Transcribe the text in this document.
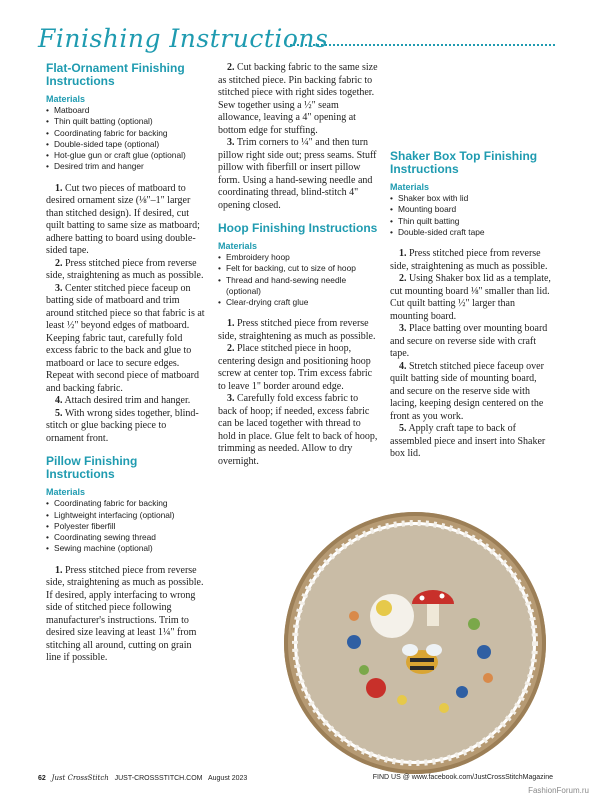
Finishing Instructions
Flat-Ornament Finishing Instructions
Materials
• Matboard
• Thin quilt batting (optional)
• Coordinating fabric for backing
• Double-sided tape (optional)
• Hot-glue gun or craft glue (optional)
• Desired trim and hanger

1. Cut two pieces of matboard to desired ornament size (⅛"–1" larger than stitched design). If desired, cut quilt batting to same size as matboard; adhere batting to board using double-sided tape.

2. Press stitched piece from reverse side, straightening as much as possible.

3. Center stitched piece faceup on batting side of matboard and trim around stitched piece so that fabric is at least ½" beyond edges of matboard. Keeping fabric taut, carefully fold excess fabric to the back and glue to matboard or lace to secure edges. Repeat with second piece of matboard and backing fabric.

4. Attach desired trim and hanger.

5. With wrong sides together, blind-stitch or glue backing piece to ornament front.

Pillow Finishing Instructions
Materials
• Coordinating fabric for backing
• Lightweight interfacing (optional)
• Polyester fiberfill
• Coordinating sewing thread
• Sewing machine (optional)

1. Press stitched piece from reverse side, straightening as much as possible. If desired, apply interfacing to wrong side of stitched piece following manufacturer's instructions. Trim to desired size leaving at least 1¼" from stitching all around, cutting on grain line if possible.

2. Cut backing fabric to the same size as stitched piece. Pin backing fabric to stitched piece with right sides together. Sew together using a ½" seam allowance, leaving a 4" opening at bottom edge for stuffing.

3. Trim corners to ¼" and then turn pillow right side out; press seams. Stuff pillow with fiberfill or insert pillow form. Using a hand-sewing needle and coordinating thread, blind-stitch 4" opening closed.

Hoop Finishing Instructions
Materials
• Embroidery hoop
• Felt for backing, cut to size of hoop
• Thread and hand-sewing needle (optional)
• Clear-drying craft glue

1. Press stitched piece from reverse side, straightening as much as possible.

2. Place stitched piece in hoop, centering design and positioning hoop screw at center top. Trim excess fabric to leave 1" border around edge.

3. Carefully fold excess fabric to back of hoop; if needed, excess fabric can be laced together with thread to hold in place. Glue felt to back of hoop, trimming as needed. Allow to dry overnight.

Shaker Box Top Finishing Instructions
Materials
• Shaker box with lid
• Mounting board
• Thin quilt batting
• Double-sided craft tape

1. Press stitched piece from reverse side, straightening as much as possible.

2. Using Shaker box lid as a template, cut mounting board ⅛" smaller than lid. Cut quilt batting ½" larger than mounting board.

3. Place batting over mounting board and secure on reverse side with craft tape.

4. Stretch stitched piece faceup over quilt batting side of mounting board, and secure on the reserve side with lacing, keeping design centered on the front as you work.

5. Apply craft tape to back of assembled piece and insert into Shaker box lid.

62 Just CrossStitch JUST-CROSSSTITCH.COM August 2023	FIND US @ www.facebook.com/JustCrossStitchMagazine
FashionForum.ru
